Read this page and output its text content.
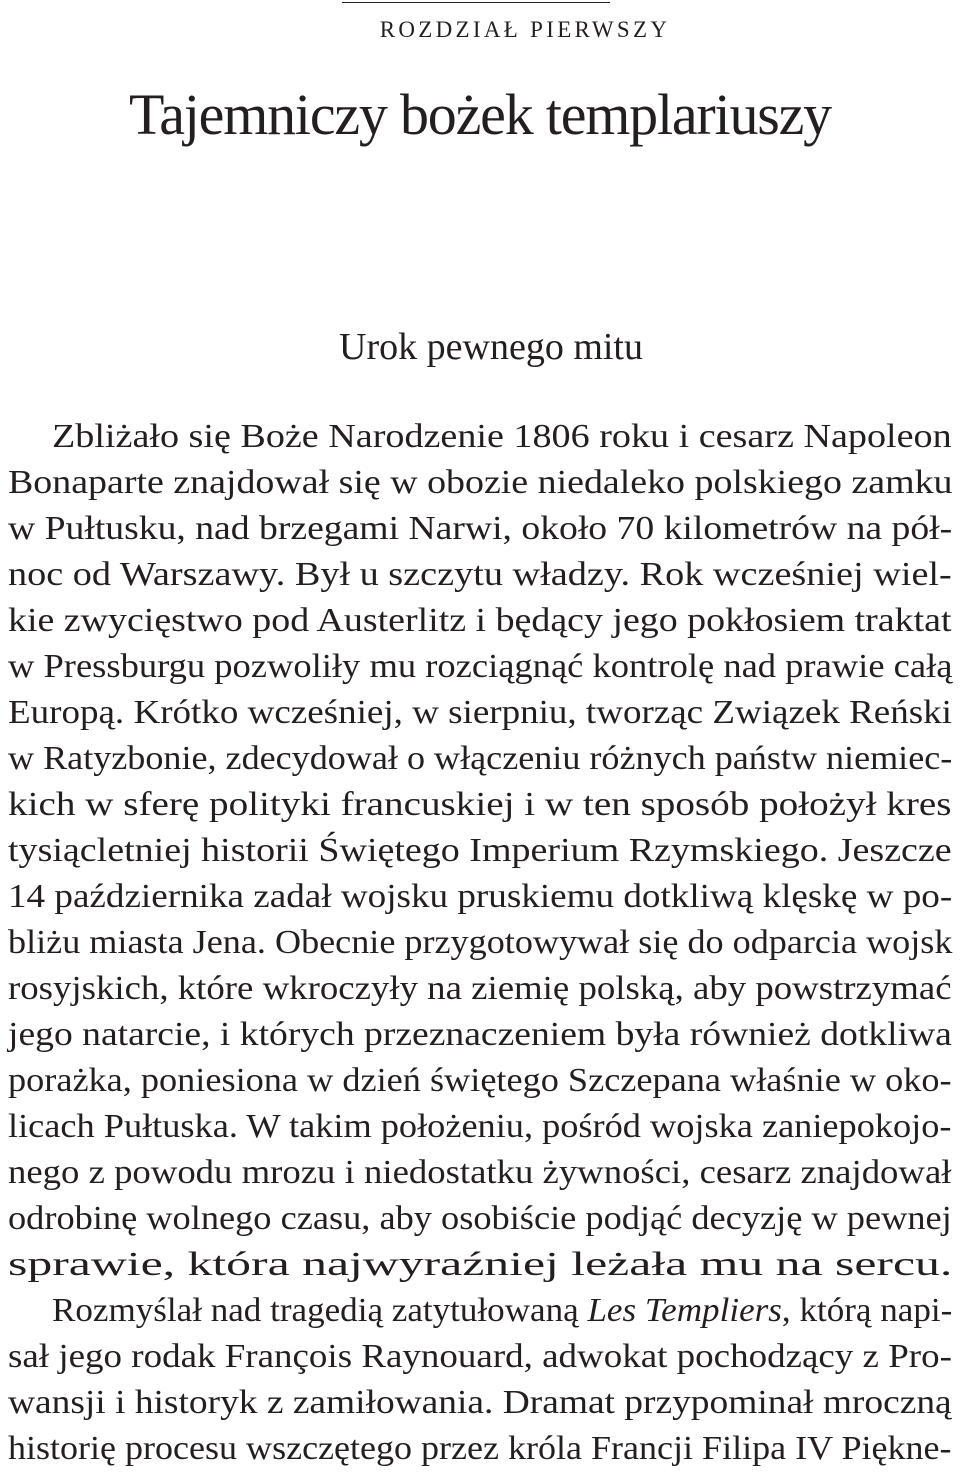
ROZDZIAŁ PIERWSZY
Tajemniczy bożek templariuszy
Urok pewnego mitu
Zbliżało się Boże Narodzenie 1806 roku i cesarz Napoleon
Bonaparte znajdował się w obozie niedaleko polskiego zamku
w Pułtusku, nad brzegami Narwi, około 70 kilometrów na pół-
noc od Warszawy. Był u szczytu władzy. Rok wcześniej wiel-
kie zwycięstwo pod Austerlitz i będący jego pokłosiem traktat
w Pressburgu pozwoliły mu rozciągnąć kontrolę nad prawie całą
Europą. Krótko wcześniej, w sierpniu, tworząc Związek Reński
w Ratyzbonie, zdecydował o włączeniu różnych państw niemiec-
kich w sferę polityki francuskiej i w ten sposób położył kres
tysiącletniej historii Świętego Imperium Rzymskiego. Jeszcze
14 października zadał wojsku pruskiemu dotkliwą klęskę w po-
bliżu miasta Jena. Obecnie przygotowywał się do odparcia wojsk
rosyjskich, które wkroczyły na ziemię polską, aby powstrzymać
jego natarcie, i których przeznaczeniem była również dotkliwa
porażka, poniesiona w dzień świętego Szczepana właśnie w oko-
licach Pułtuska. W takim położeniu, pośród wojska zaniepokojo-
nego z powodu mrozu i niedostatku żywności, cesarz znajdował
odrobinę wolnego czasu, aby osobiście podjąć decyzję w pewnej
sprawie, która najwyraźniej leżała mu na sercu.
Rozmyślał nad tragedią zatytułowaną Les Templiers, którą napi-
sał jego rodak François Raynouard, adwokat pochodzący z Pro-
wansji i historyk z zamiłowania. Dramat przypominał mroczną
historię procesu wszczętego przez króla Francji Filipa IV Piękne-
